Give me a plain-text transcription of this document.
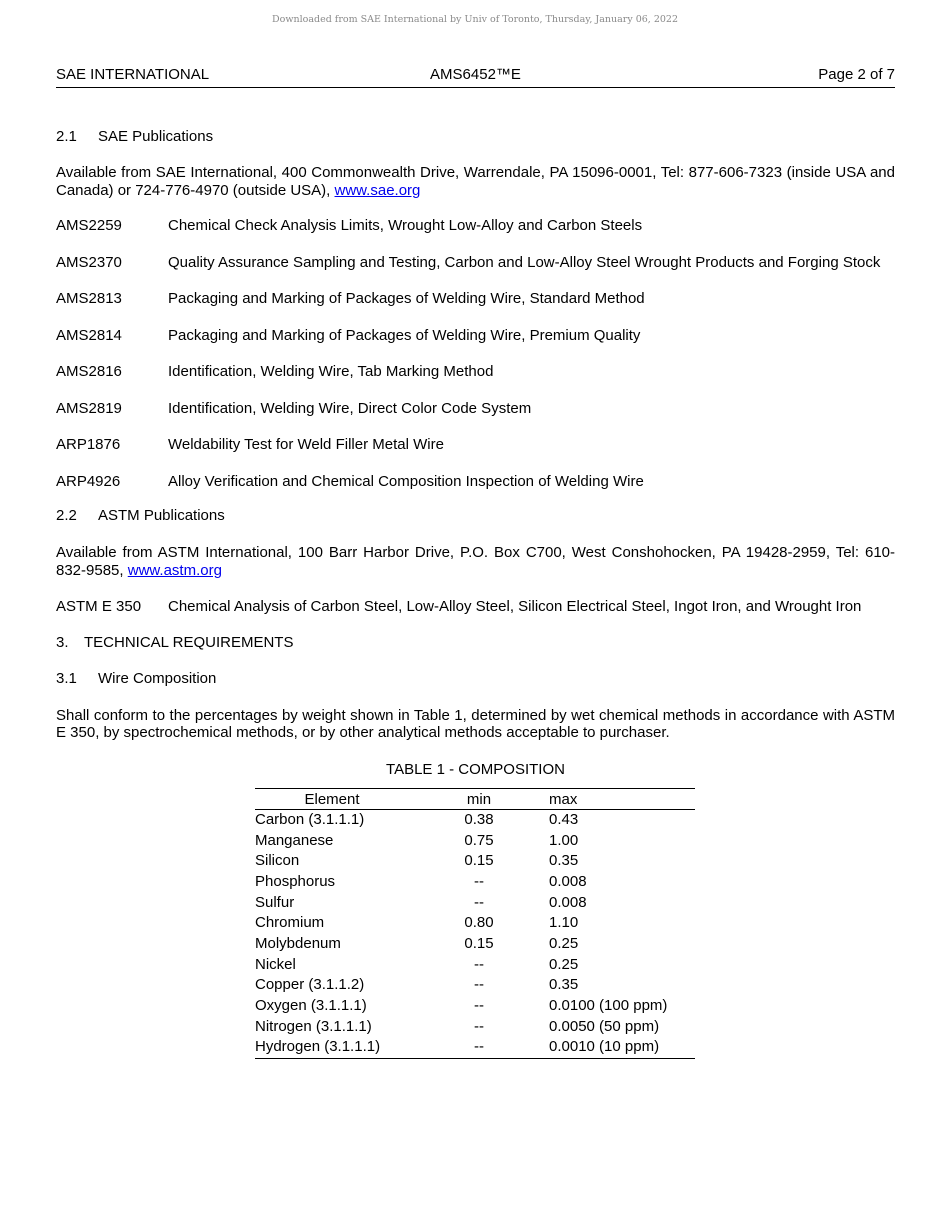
Downloaded from SAE International by Univ of Toronto, Thursday, January 06, 2022
AMS6452™E
SAE INTERNATIONAL	Page 2 of 7

2.1 SAE Publications

Available from SAE International, 400 Commonwealth Drive, Warrendale, PA 15096-0001, Tel: 877-606-7323 (inside USA and Canada) or 724-776-4970 (outside USA), www.sae.org

AMS2259	Chemical Check Analysis Limits, Wrought Low-Alloy and Carbon Steels
AMS2370	Quality Assurance Sampling and Testing, Carbon and Low-Alloy Steel Wrought Products and Forging Stock
AMS2813	Packaging and Marking of Packages of Welding Wire, Standard Method
AMS2814	Packaging and Marking of Packages of Welding Wire, Premium Quality
AMS2816	Identification, Welding Wire, Tab Marking Method
AMS2819	Identification, Welding Wire, Direct Color Code System
ARP1876	Weldability Test for Weld Filler Metal Wire
ARP4926	Alloy Verification and Chemical Composition Inspection of Welding Wire

2.2 ASTM Publications

Available from ASTM International, 100 Barr Harbor Drive, P.O. Box C700, West Conshohocken, PA 19428-2959, Tel: 610-832-9585, www.astm.org

ASTM E 350	Chemical Analysis of Carbon Steel, Low-Alloy Steel, Silicon Electrical Steel, Ingot Iron, and Wrought Iron

3. TECHNICAL REQUIREMENTS

3.1 Wire Composition

Shall conform to the percentages by weight shown in Table 1, determined by wet chemical methods in accordance with ASTM E 350, by spectrochemical methods, or by other analytical methods acceptable to purchaser.

TABLE 1 - COMPOSITION

Element	min	max
Carbon (3.1.1.1)	0.38	0.43
Manganese	0.75	1.00
Silicon	0.15	0.35
Phosphorus	--	0.008
Sulfur	--	0.008
Chromium	0.80	1.10
Molybdenum	0.15	0.25
Nickel	--	0.25
Copper (3.1.1.2)	--	0.35
Oxygen (3.1.1.1)	--	0.0100 (100 ppm)
Nitrogen (3.1.1.1)	--	0.0050 (50 ppm)
Hydrogen (3.1.1.1)	--	0.0010 (10 ppm)
